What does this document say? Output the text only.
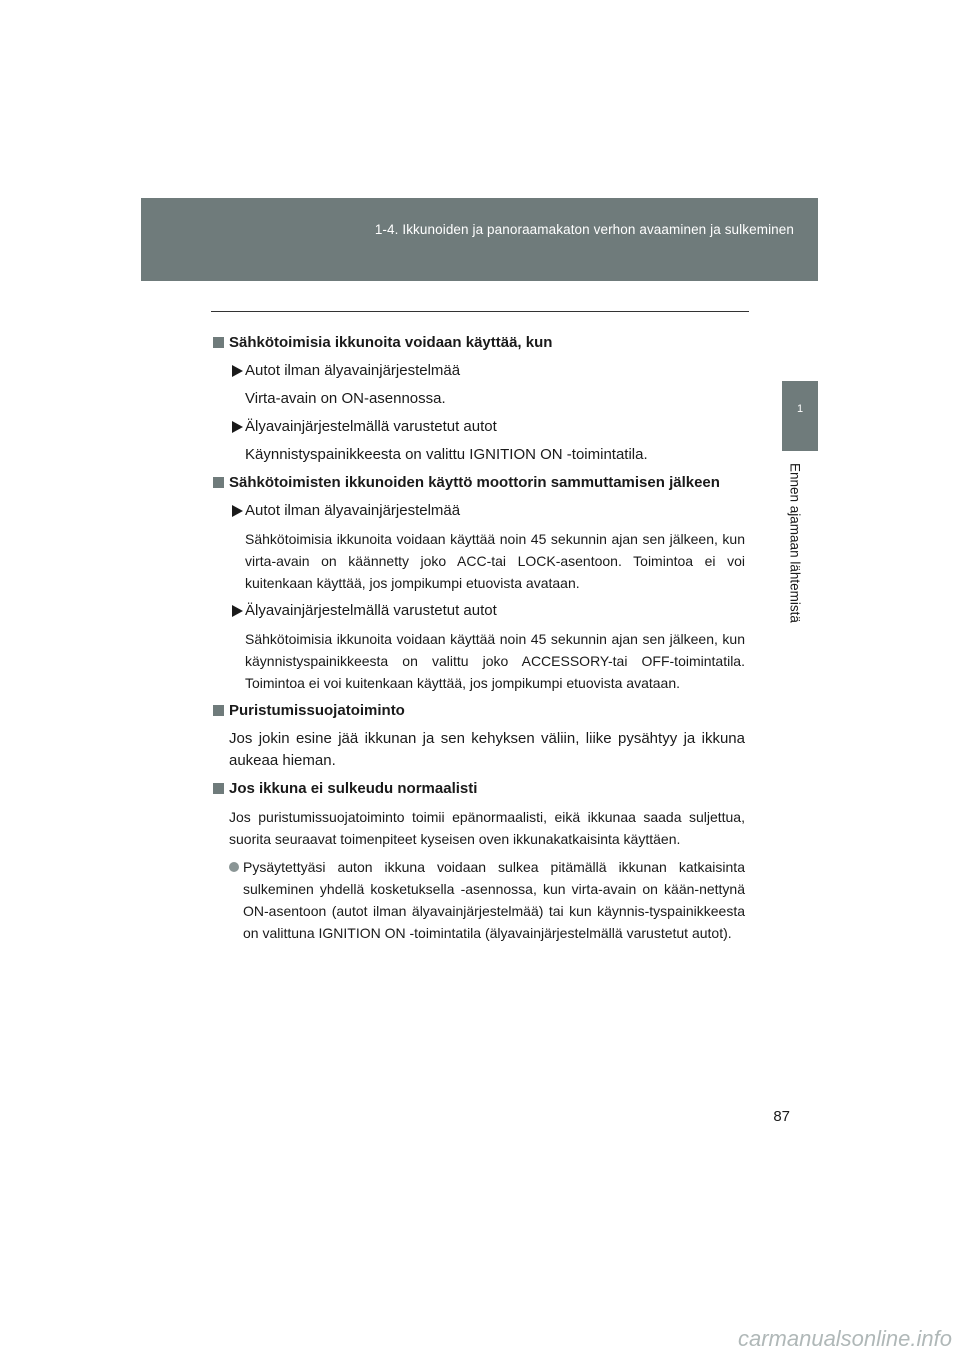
1-4. Ikkunoiden ja panoraamakaton verhon avaaminen ja sulkeminen
1
Ennen ajamaan lähtemistä
Sähkötoimisia ikkunoita voidaan käyttää, kun
Autot ilman älyavainjärjestelmää
Virta-avain on ON-asennossa.
Älyavainjärjestelmällä varustetut autot
Käynnistyspainikkeesta on valittu IGNITION ON -toimintatila.
Sähkötoimisten ikkunoiden käyttö moottorin sammuttamisen jälkeen
Autot ilman älyavainjärjestelmää
Sähkötoimisia ikkunoita voidaan käyttää noin 45 sekunnin ajan sen jälkeen, kun virta-avain on käännetty joko ACC-tai LOCK-asentoon. Toimintoa ei voi kuitenkaan käyttää, jos jompikumpi etuovista avataan.
Älyavainjärjestelmällä varustetut autot
Sähkötoimisia ikkunoita voidaan käyttää noin 45 sekunnin ajan sen jälkeen, kun käynnistyspainikkeesta on valittu joko ACCESSORY-tai OFF-toimintatila. Toimintoa ei voi kuitenkaan käyttää, jos jompikumpi etuovista avataan.
Puristumissuojatoiminto
Jos jokin esine jää ikkunan ja sen kehyksen väliin, liike pysähtyy ja ikkuna aukeaa hieman.
Jos ikkuna ei sulkeudu normaalisti
Jos puristumissuojatoiminto toimii epänormaalisti, eikä ikkunaa saada suljettua, suorita seuraavat toimenpiteet kyseisen oven ikkunakatkaisinta käyttäen.
Pysäytettyäsi auton ikkuna voidaan sulkea pitämällä ikkunan katkaisinta sulkeminen yhdellä kosketuksella -asennossa, kun virta-avain on kään-nettynä ON-asentoon (autot ilman älyavainjärjestelmää) tai kun käynnis-tyspainikkeesta on valittuna IGNITION ON -toimintatila (älyavainjärjestelmällä varustetut autot).
87
carmanualsonline.info
